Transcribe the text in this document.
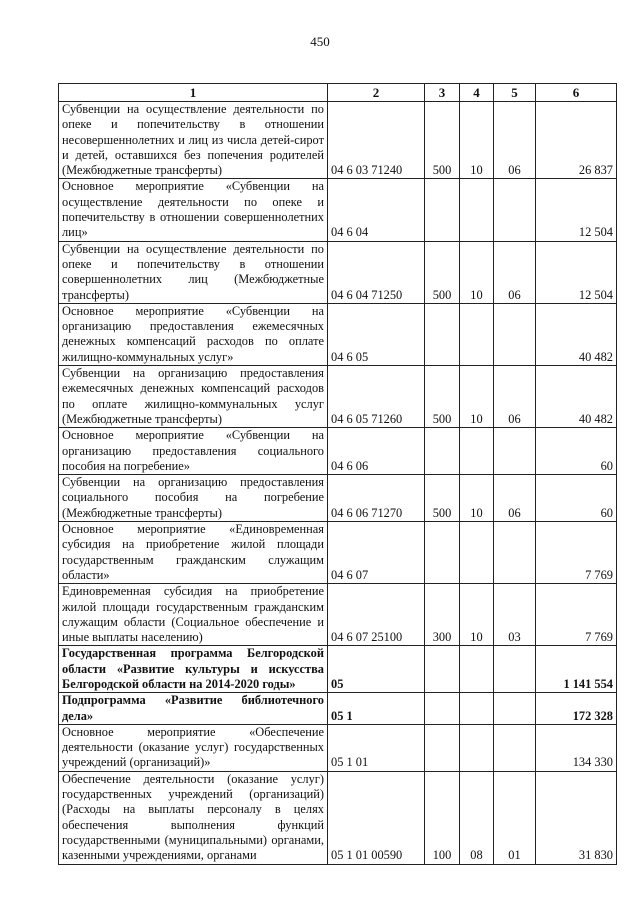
450
1	2	3	4	5	6
Субвенции на осуществление деятельности по опеке и попечительству в отношении несовершеннолетних и лиц из числа детей-сирот и детей, оставшихся без попечения родителей (Межбюджетные трансферты)	04 6 03 71240	500	10	06	26 837
Основное мероприятие «Субвенции на осуществление деятельности по опеке и попечительству в отношении совершеннолетних лиц»	04 6 04				12 504
Субвенции на осуществление деятельности по опеке и попечительству в отношении совершеннолетних лиц (Межбюджетные трансферты)	04 6 04 71250	500	10	06	12 504
Основное мероприятие «Субвенции на организацию предоставления ежемесячных денежных компенсаций расходов по оплате жилищно-коммунальных услуг»	04 6 05				40 482
Субвенции на организацию предоставления ежемесячных денежных компенсаций расходов по оплате жилищно-коммунальных услуг (Межбюджетные трансферты)	04 6 05 71260	500	10	06	40 482
Основное мероприятие «Субвенции на организацию предоставления социального пособия на погребение»	04 6 06				60
Субвенции на организацию предоставления социального пособия на погребение (Межбюджетные трансферты)	04 6 06 71270	500	10	06	60
Основное мероприятие «Единовременная субсидия на приобретение жилой площади государственным гражданским служащим области»	04 6 07				7 769
Единовременная субсидия на приобретение жилой площади государственным гражданским служащим области (Социальное обеспечение и иные выплаты населению)	04 6 07 25100	300	10	03	7 769
Государственная программа Белгородской области «Развитие культуры и искусства Белгородской области на 2014-2020 годы»	05				1 141 554
Подпрограмма «Развитие библиотечного дела»	05 1				172 328
Основное мероприятие «Обеспечение деятельности (оказание услуг) государственных учреждений (организаций)»	05 1 01				134 330
Обеспечение деятельности (оказание услуг) государственных учреждений (организаций) (Расходы на выплаты персоналу в целях обеспечения выполнения функций государственными (муниципальными) органами, казенными учреждениями, органами	05 1 01 00590	100	08	01	31 830
